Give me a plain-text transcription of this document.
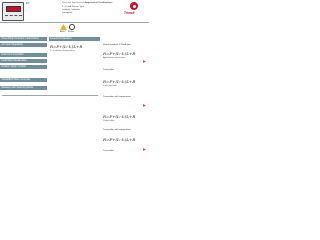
ET	Technical Specifications Approvals & Certifications
4...20 mA Sensor Type
Isolation, Indicator,
transmitter	Trimell
ATEX IECEx
Panel Bright Activation deactivation
AC View (Signalled)
Dual Communication
Fault Data Visualization
Isolation plugin module
Shield/Bell Mode Controller
Dataway with Switching Mode
General Explanation
R=F+(I₀-I₁)L+R
Tₐ = ambient temperature	R=F+(I₀-I₁)L+R
Application instructions
R=F+(I₀-I₁)L+R
Limit selection
R=F+(I₀-I₁)L+R
Output data
R=F+(I₀-I₁)L+R
Rated standard 4-20mA type
Transmitter
Transmitter with temperature
Transmitter with temperature
Transmitter
